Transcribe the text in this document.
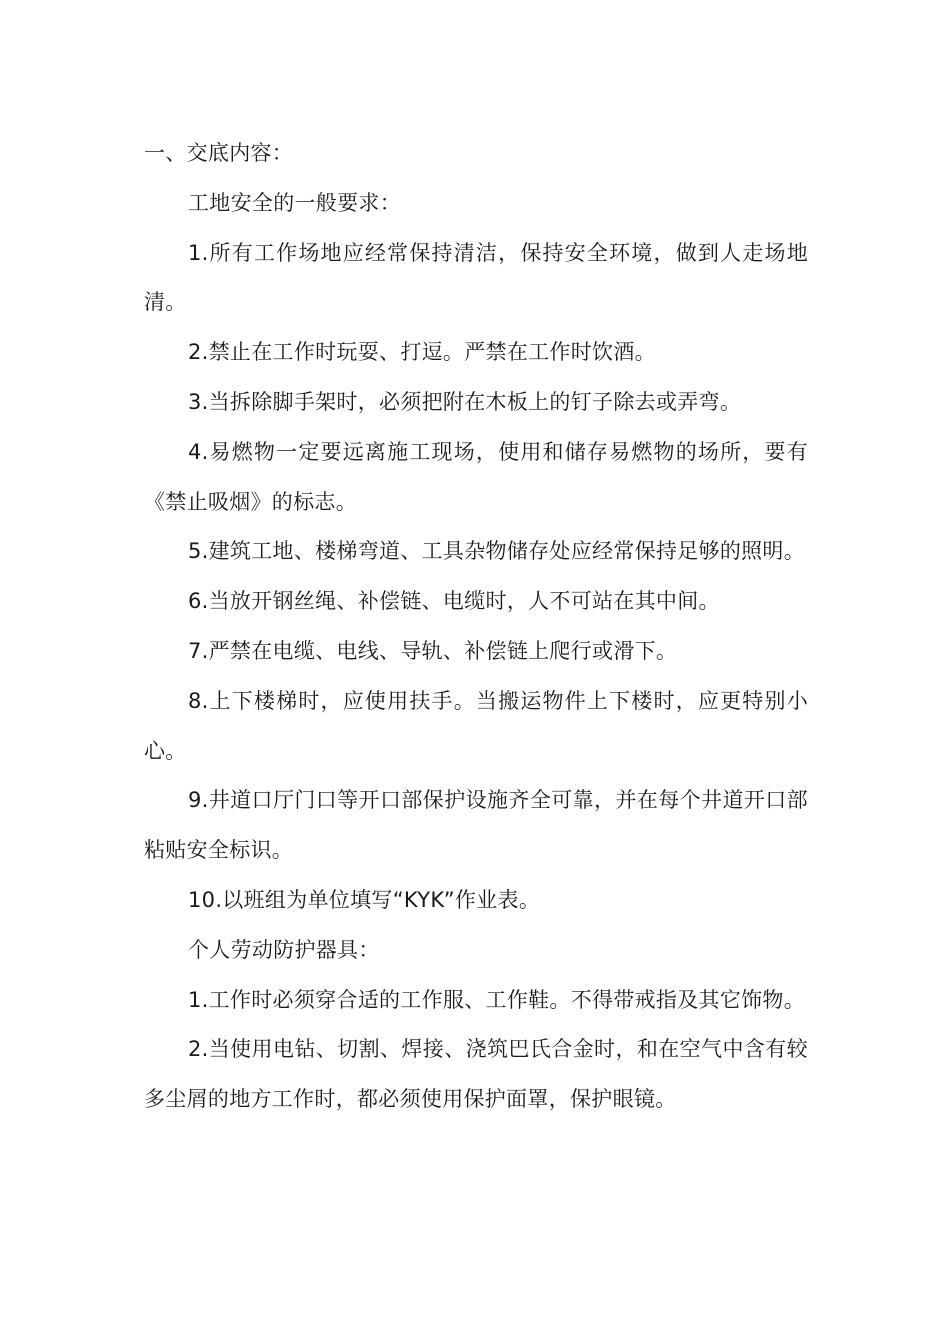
一、交底内容：

工地安全的一般要求：

1.所有工作场地应经常保持清洁，保持安全环境，做到人走场地清。

2.禁止在工作时玩耍、打逗。严禁在工作时饮酒。

3.当拆除脚手架时，必须把附在木板上的钉子除去或弄弯。

4.易燃物一定要远离施工现场，使用和储存易燃物的场所，要有《禁止吸烟》的标志。

5.建筑工地、楼梯弯道、工具杂物储存处应经常保持足够的照明。

6.当放开钢丝绳、补偿链、电缆时，人不可站在其中间。

7.严禁在电缆、电线、导轨、补偿链上爬行或滑下。

8.上下楼梯时，应使用扶手。当搬运物件上下楼时，应更特别小心。

9.井道口厅门口等开口部保护设施齐全可靠，并在每个井道开口部粘贴安全标识。

10.以班组为单位填写“KYK”作业表。

个人劳动防护器具：

1.工作时必须穿合适的工作服、工作鞋。不得带戒指及其它饰物。

2.当使用电钻、切割、焊接、浇筑巴氏合金时，和在空气中含有较多尘屑的地方工作时，都必须使用保护面罩，保护眼镜。
